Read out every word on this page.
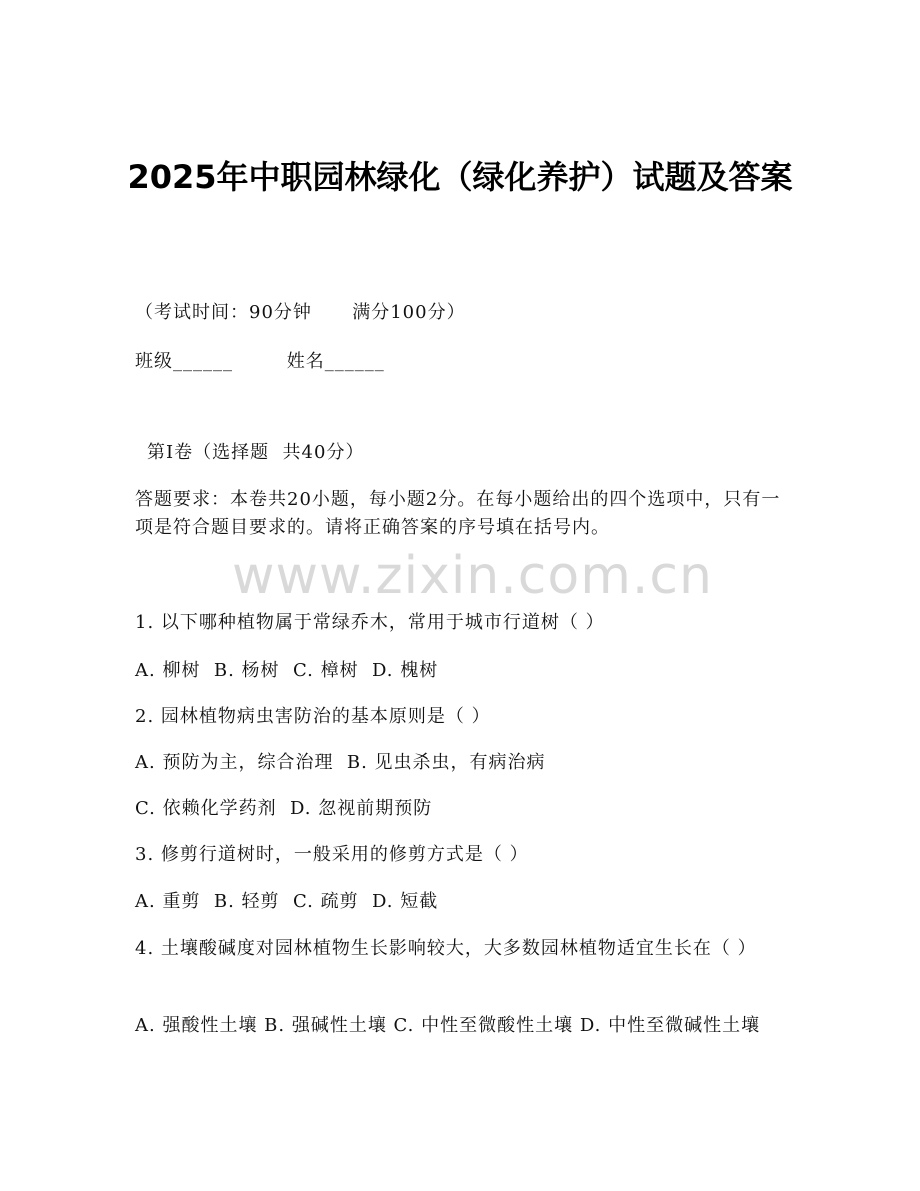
2025年中职园林绿化（绿化养护）试题及答案
（考试时间：90分钟      满分100分）
班级______        姓名______
第I卷（选择题  共40分）
答题要求：本卷共20小题，每小题2分。在每小题给出的四个选项中，只有一项是符合题目要求的。请将正确答案的序号填在括号内。
www.zixin.com.cn
1. 以下哪种植物属于常绿乔木，常用于城市行道树（ ）
A. 柳树  B. 杨树  C. 樟树  D. 槐树
2. 园林植物病虫害防治的基本原则是（ ）
A. 预防为主，综合治理  B. 见虫杀虫，有病治病
C. 依赖化学药剂  D. 忽视前期预防
3. 修剪行道树时，一般采用的修剪方式是（ ）
A. 重剪  B. 轻剪  C. 疏剪  D. 短截
4. 土壤酸碱度对园林植物生长影响较大，大多数园林植物适宜生长在（ ）
A. 强酸性土壤 B. 强碱性土壤 C. 中性至微酸性土壤 D. 中性至微碱性土壤
